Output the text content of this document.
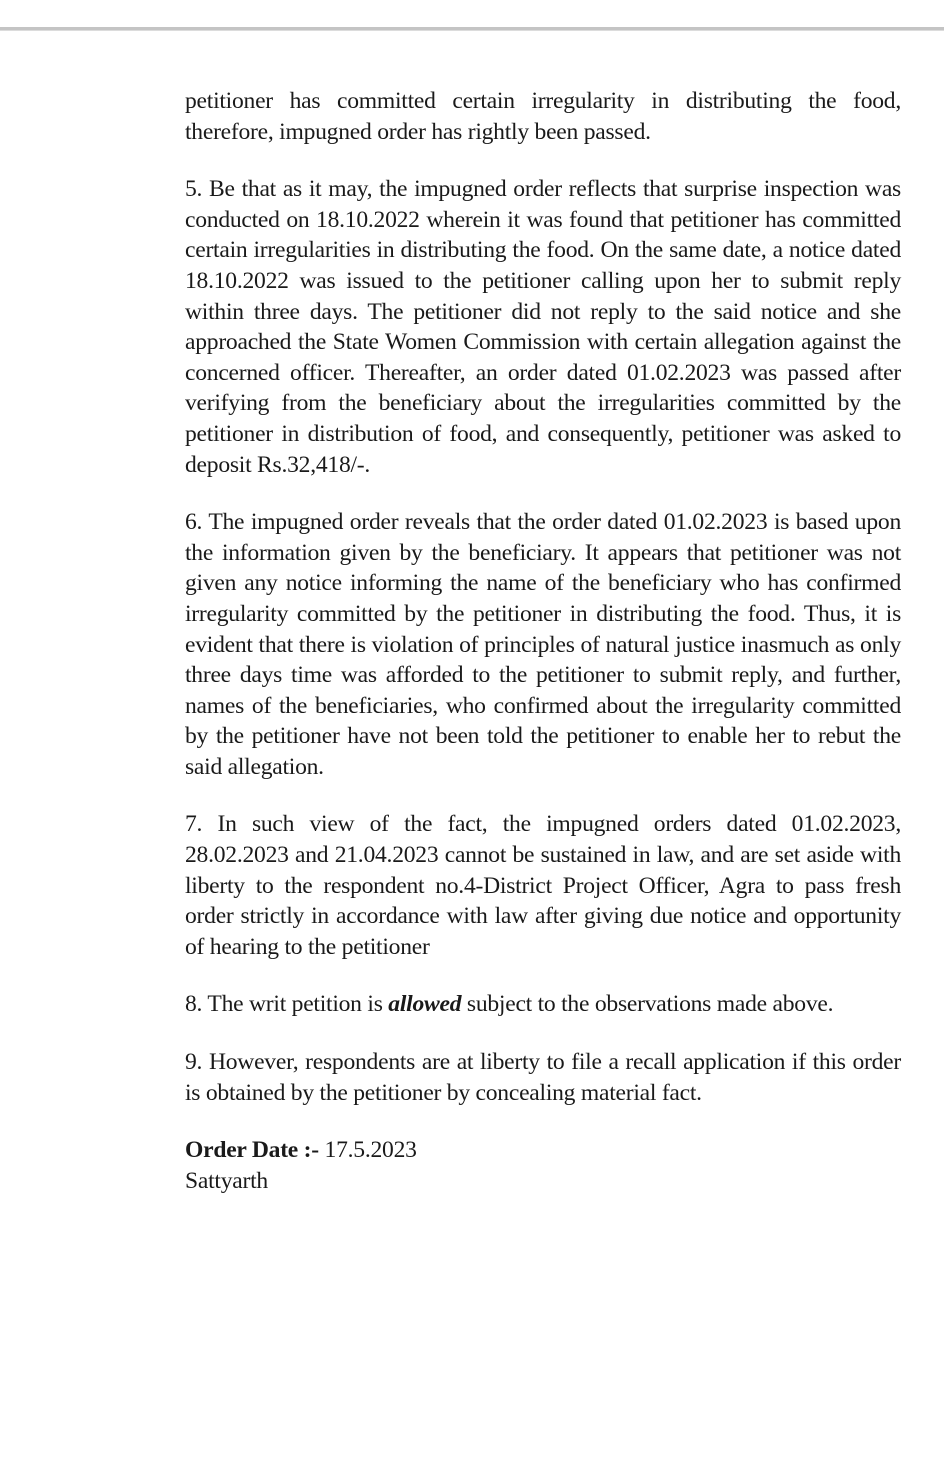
petitioner has committed certain irregularity in distributing the food, therefore, impugned order has rightly been passed.

5. Be that as it may, the impugned order reflects that surprise inspection was conducted on 18.10.2022 wherein it was found that petitioner has committed certain irregularities in distributing the food. On the same date, a notice dated 18.10.2022 was issued to the petitioner calling upon her to submit reply within three days. The petitioner did not reply to the said notice and she approached the State Women Commission with certain allegation against the concerned officer. Thereafter, an order dated 01.02.2023 was passed after verifying from the beneficiary about the irregularities committed by the petitioner in distribution of food, and consequently, petitioner was asked to deposit Rs.32,418/-.

6. The impugned order reveals that the order dated 01.02.2023 is based upon the information given by the beneficiary. It appears that petitioner was not given any notice informing the name of the beneficiary who has confirmed irregularity committed by the petitioner in distributing the food. Thus, it is evident that there is violation of principles of natural justice inasmuch as only three days time was afforded to the petitioner to submit reply, and further, names of the beneficiaries, who confirmed about the irregularity committed by the petitioner have not been told the petitioner to enable her to rebut the said allegation.

7. In such view of the fact, the impugned orders dated 01.02.2023, 28.02.2023 and 21.04.2023 cannot be sustained in law, and are set aside with liberty to the respondent no.4-District Project Officer, Agra to pass fresh order strictly in accordance with law after giving due notice and opportunity of hearing to the petitioner

8. The writ petition is allowed subject to the observations made above.

9. However, respondents are at liberty to file a recall application if this order is obtained by the petitioner by concealing material fact.

Order Date :- 17.5.2023
Sattyarth
